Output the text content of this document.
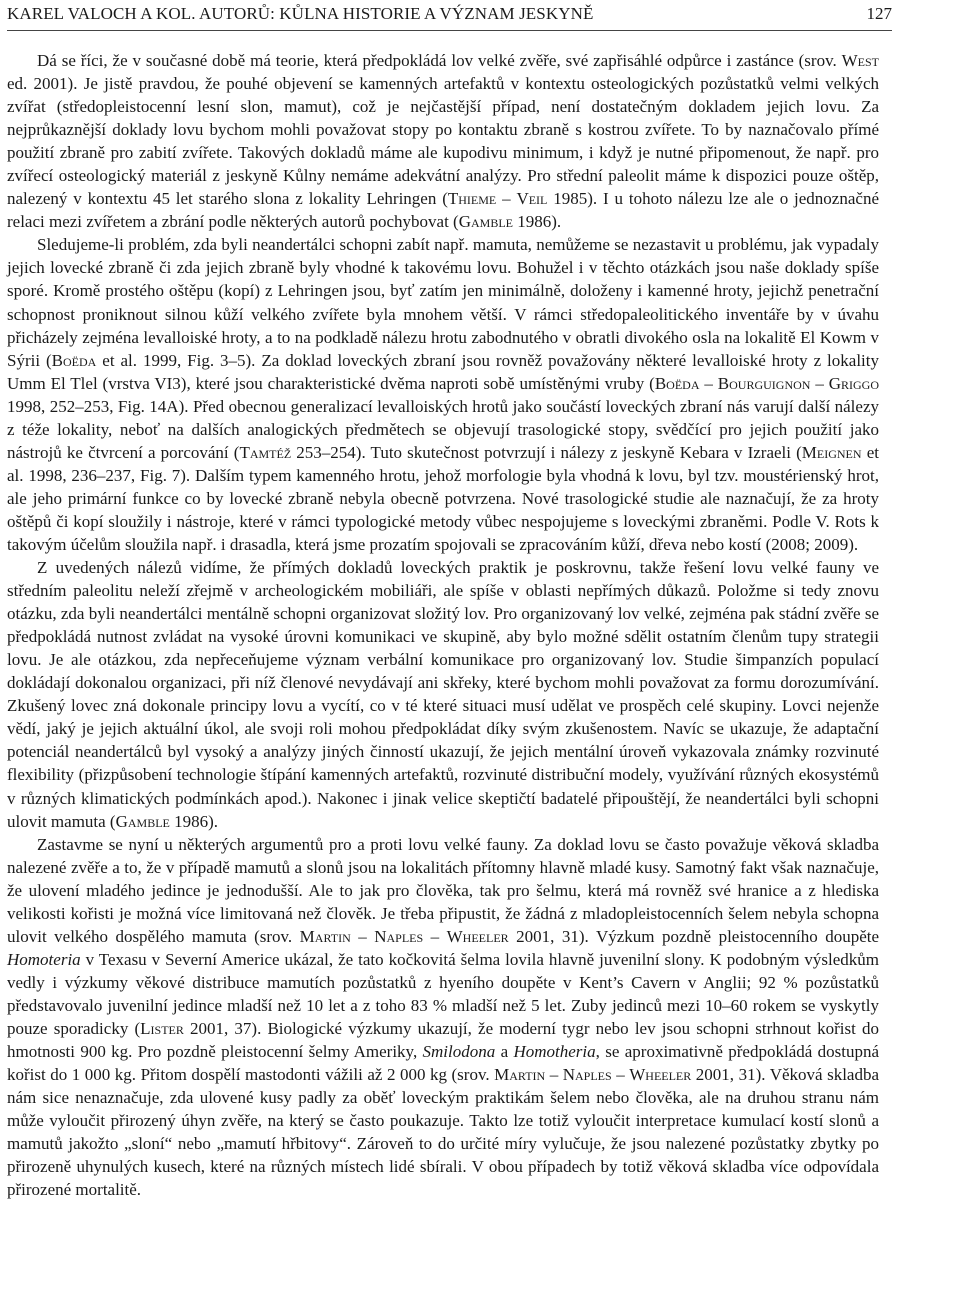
KAREL VALOCH A KOL. AUTORŮ: KŮLNA HISTORIE A VÝZNAM JESKYNĚ	127

Dá se říci, že v současné době má teorie, která předpokládá lov velké zvěře, své zapřisáhlé odpůrce i zastánce (srov. West ed. 2001). Je jistě pravdou, že pouhé objevení se kamenných artefaktů v kontextu osteologických pozůstatků velmi velkých zvířat (středopleistocenní lesní slon, mamut), což je nejčastější případ, není dostatečným dokladem jejich lovu. Za nejprůkaznější doklady lovu bychom mohli považovat stopy po kontaktu zbraně s kostrou zvířete. To by naznačovalo přímé použití zbraně pro zabití zvířete. Takových dokladů máme ale kupodivu minimum, i když je nutné připomenout, že např. pro zvířecí osteologický materiál z jeskyně Kůlny nemáme adekvátní analýzy. Pro střední paleolit máme k dispozici pouze oštěp, nalezený v kontextu 45 let starého slona z lokality Lehringen (Thieme – Veil 1985). I u tohoto nálezu lze ale o jednoznačné relaci mezi zvířetem a zbrání podle některých autorů pochybovat (Gamble 1986).

Sledujeme-li problém, zda byli neandertálci schopni zabít např. mamuta, nemůžeme se nezastavit u problému, jak vypadaly jejich lovecké zbraně či zda jejich zbraně byly vhodné k takovému lovu. Bohužel i v těchto otázkách jsou naše doklady spíše sporé. Kromě prostého oštěpu (kopí) z Lehringen jsou, byť zatím jen minimálně, doloženy i kamenné hroty, jejichž penetrační schopnost proniknout silnou kůží velkého zvířete byla mnohem větší. V rámci středopaleolitického inventáře by v úvahu přicházely zejména levalloiské hroty, a to na podkladě nálezu hrotu zabodnutého v obratli divokého osla na lokalitě El Kowm v Sýrii (Boëda et al. 1999, Fig. 3–5). Za doklad loveckých zbraní jsou rovněž považovány některé levalloiské hroty z lokality Umm El Tlel (vrstva VI3), které jsou charakteristické dvěma naproti sobě umístěnými vruby (Boëda – Bourguignon – Griggo 1998, 252–253, Fig. 14A). Před obecnou generalizací levalloiských hrotů jako součástí loveckých zbraní nás varují další nálezy z téže lokality, neboť na dalších analogických předmětech se objevují trasologické stopy, svědčící pro jejich použití jako nástrojů ke čtvrcení a porcování (Tamtéž 253–254). Tuto skutečnost potvrzují i nálezy z jeskyně Kebara v Izraeli (Meignen et al. 1998, 236–237, Fig. 7). Dalším typem kamenného hrotu, jehož morfologie byla vhodná k lovu, byl tzv. moustérienský hrot, ale jeho primární funkce co by lovecké zbraně nebyla obecně potvrzena. Nové trasologické studie ale naznačují, že za hroty oštěpů či kopí sloužily i nástroje, které v rámci typologické metody vůbec nespojujeme s loveckými zbraněmi. Podle V. Rots k takovým účelům sloužila např. i drasadla, která jsme prozatím spojovali se zpracováním kůží, dřeva nebo kostí (2008; 2009).

Z uvedených nálezů vidíme, že přímých dokladů loveckých praktik je poskrovnu, takže řešení lovu velké fauny ve středním paleolitu neleží zřejmě v archeologickém mobiliáři, ale spíše v oblasti nepřímých důkazů. Položme si tedy znovu otázku, zda byli neandertálci mentálně schopni organizovat složitý lov. Pro organizovaný lov velké, zejména pak stádní zvěře se předpokládá nutnost zvládat na vysoké úrovni komunikaci ve skupině, aby bylo možné sdělit ostatním členům tupy strategii lovu. Je ale otázkou, zda nepřeceňujeme význam verbální komunikace pro organizovaný lov. Studie šimpanzích populací dokládají dokonalou organizaci, při níž členové nevydávají ani skřeky, které bychom mohli považovat za formu dorozumívání. Zkušený lovec zná dokonale principy lovu a vycítí, co v té které situaci musí udělat ve prospěch celé skupiny. Lovci nejenže vědí, jaký je jejich aktuální úkol, ale svoji roli mohou předpokládat díky svým zkušenostem. Navíc se ukazuje, že adaptační potenciál neandertálců byl vysoký a analýzy jiných činností ukazují, že jejich mentální úroveň vykazovala známky rozvinuté flexibility (přizpůsobení technologie štípání kamenných artefaktů, rozvinuté distribuční modely, využívání různých ekosystémů v různých klimatických podmínkách apod.). Nakonec i jinak velice skeptičtí badatelé připouštějí, že neandertálci byli schopni ulovit mamuta (Gamble 1986).

Zastavme se nyní u některých argumentů pro a proti lovu velké fauny. Za doklad lovu se často považuje věková skladba nalezené zvěře a to, že v případě mamutů a slonů jsou na lokalitách přítomny hlavně mladé kusy. Samotný fakt však naznačuje, že ulovení mladého jedince je jednodušší. Ale to jak pro člověka, tak pro šelmu, která má rovněž své hranice a z hlediska velikosti kořisti je možná více limitovaná než člověk. Je třeba připustit, že žádná z mladopleistocenních šelem nebyla schopna ulovit velkého dospělého mamuta (srov. Martin – Naples – Wheeler 2001, 31). Výzkum pozdně pleistocenního doupěte Homoteria v Texasu v Severní Americe ukázal, že tato kočkovitá šelma lovila hlavně juvenilní slony. K podobným výsledkům vedly i výzkumy věkové distribuce mamutích pozůstatků z hyeního doupěte v Kent’s Cavern v Anglii; 92 % pozůstatků představovalo juvenilní jedince mladší než 10 let a z toho 83 % mladší než 5 let. Zuby jedinců mezi 10–60 rokem se vyskytly pouze sporadicky (Lister 2001, 37). Biologické výzkumy ukazují, že moderní tygr nebo lev jsou schopni strhnout kořist do hmotnosti 900 kg. Pro pozdně pleistocenní šelmy Ameriky, Smilodona a Homotheria, se aproximativně předpokládá dostupná kořist do 1 000 kg. Přitom dospělí mastodonti vážili až 2 000 kg (srov. Martin – Naples – Wheeler 2001, 31). Věková skladba nám sice nenaznačuje, zda ulovené kusy padly za oběť loveckým praktikám šelem nebo člověka, ale na druhou stranu nám může vyloučit přirozený úhyn zvěře, na který se často poukazuje. Takto lze totiž vyloučit interpretace kumulací kostí slonů a mamutů jakožto „sloní“ nebo „mamutí hřbitovy“. Zároveň to do určité míry vylučuje, že jsou nalezené pozůstatky zbytky po přirozeně uhynulých kusech, které na různých místech lidé sbírali. V obou případech by totiž věková skladba více odpovídala přirozené mortalitě.
